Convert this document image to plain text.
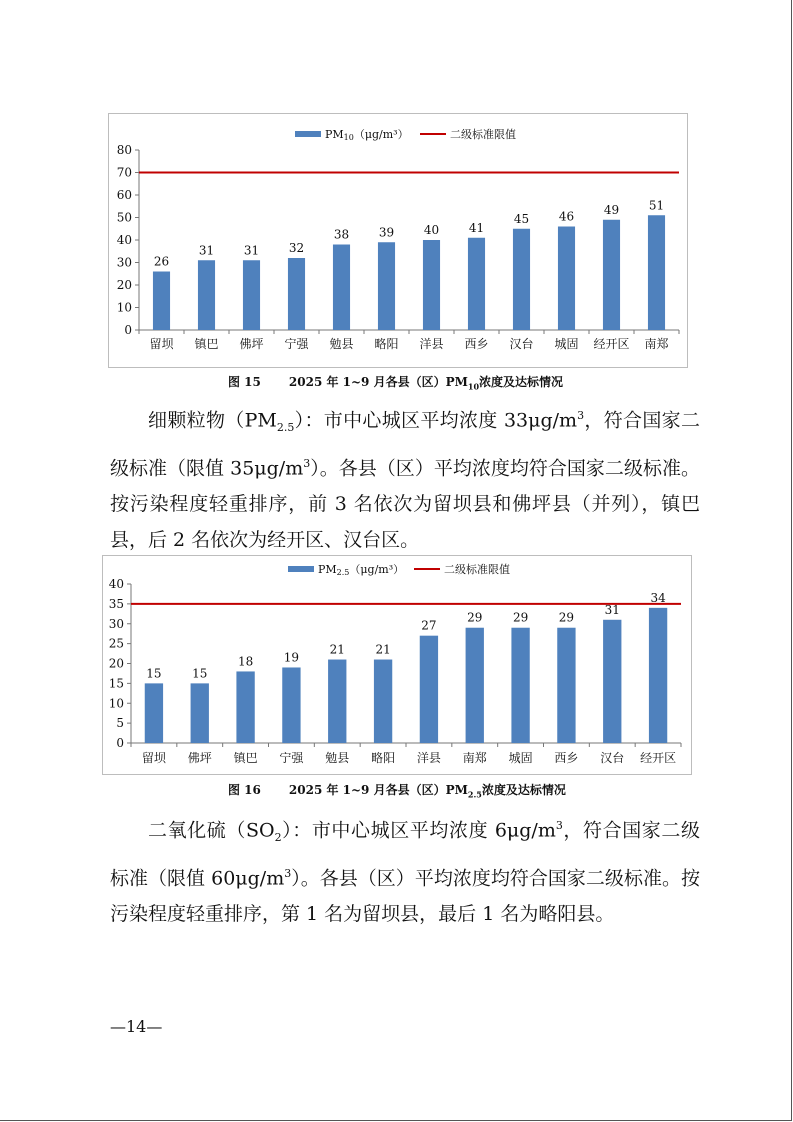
0
10
20
30
40
50
60
70
80
26
留坝
31
镇巴
31
佛坪
32
宁强
38
勉县
39
略阳
40
洋县
41
西乡
45
汉台
46
城固
49
经开区
51
南郑
PM10（μg/m³）	二级标准限值
图 15 2025 年 1~9 月各县（区）$PM_{10}$浓度及达标情况

细颗粒物$(PM_{2.5})$：市中心城区平均浓度 $33\mu g/m^3$，符合国家二级标准（限值 $35\mu g/m^3$）。各县（区）平均浓度均符合国家二级标准。按污染程度轻重排序，前 3 名依次为留坝县和佛坪县（并列），镇巴县，后 2 名依次为经开区、汉台区。

0
5
10
15
20
25
30
35
40
15
留坝
15
佛坪
18
镇巴
19
宁强
21
勉县
21
略阳
27
洋县
29
南郑
29
城固
29
西乡
31
汉台
34
经开区
PM2.5（μg/m³）	二级标准限值
图 16 2025 年 1~9 月各县（区）$PM_{2.5}$浓度及达标情况

二氧化硫$(SO_2)$：市中心城区平均浓度 $6\mu g/m^3$，符合国家二级标准（限值 $60\mu g/m^3$）。各县（区）平均浓度均符合国家二级标准。按污染程度轻重排序，第 1 名为留坝县，最后 1 名为略阳县。

—14—
